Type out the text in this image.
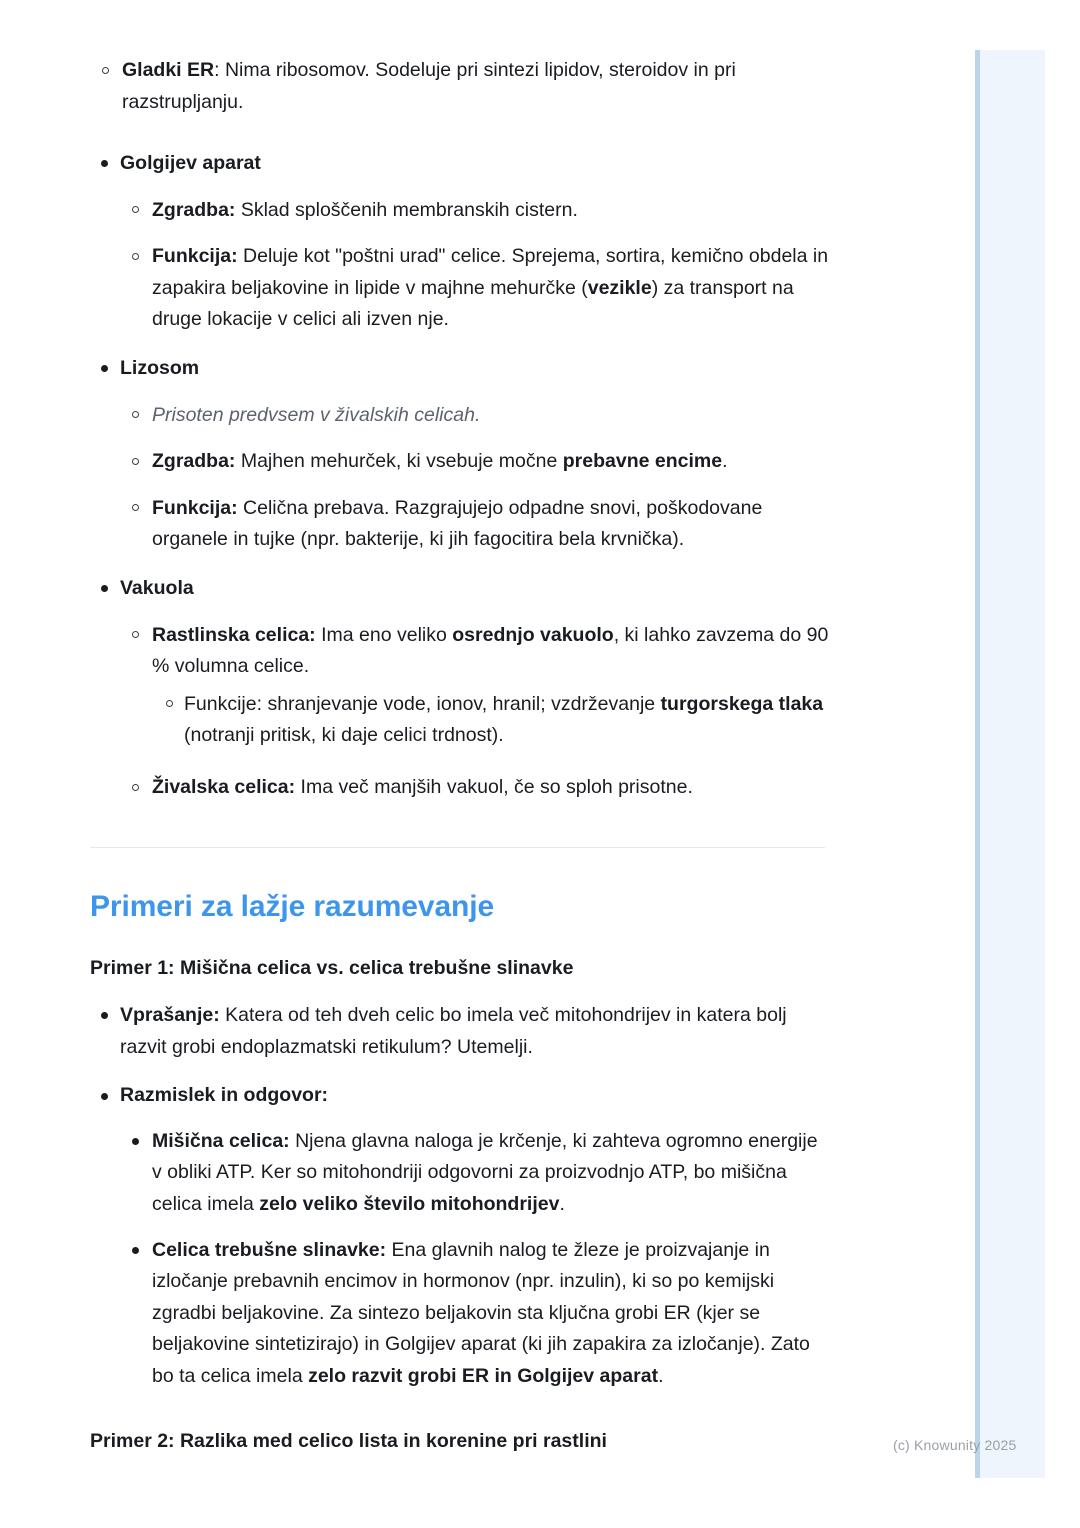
Gladki ER: Nima ribosomov. Sodeluje pri sintezi lipidov, steroidov in pri razstrupljanju.
Golgijev aparat
Zgradba: Sklad sploščenih membranskih cistern.
Funkcija: Deluje kot "poštni urad" celice. Sprejema, sortira, kemično obdela in zapakira beljakovine in lipide v majhne mehurčke (vezikle) za transport na druge lokacije v celici ali izven nje.
Lizosom
Prisoten predvsem v živalskih celicah.
Zgradba: Majhen mehurček, ki vsebuje močne prebavne encime.
Funkcija: Celična prebava. Razgrajujejo odpadne snovi, poškodovane organele in tujke (npr. bakterije, ki jih fagocitira bela krvnička).
Vakuola
Rastlinska celica: Ima eno veliko osrednjo vakuolo, ki lahko zavzema do 90 % volumna celice.
Funkcije: shranjevanje vode, ionov, hranil; vzdrževanje turgorskega tlaka (notranji pritisk, ki daje celici trdnost).
Živalska celica: Ima več manjših vakuol, če so sploh prisotne.
Primeri za lažje razumevanje
Primer 1: Mišična celica vs. celica trebušne slinavke
Vprašanje: Katera od teh dveh celic bo imela več mitohondrijev in katera bolj razvit grobi endoplazmatski retikulum? Utemelji.
Razmislek in odgovor:
Mišična celica: Njena glavna naloga je krčenje, ki zahteva ogromno energije v obliki ATP. Ker so mitohondriji odgovorni za proizvodnjo ATP, bo mišična celica imela zelo veliko število mitohondrijev.
Celica trebušne slinavke: Ena glavnih nalog te žleze je proizvajanje in izločanje prebavnih encimov in hormonov (npr. inzulin), ki so po kemijski zgradbi beljakovine. Za sintezo beljakovin sta ključna grobi ER (kjer se beljakovine sintetizirajo) in Golgijev aparat (ki jih zapakira za izločanje). Zato bo ta celica imela zelo razvit grobi ER in Golgijev aparat.
Primer 2: Razlika med celico lista in korenine pri rastlini	(c) Knowunity 2025
